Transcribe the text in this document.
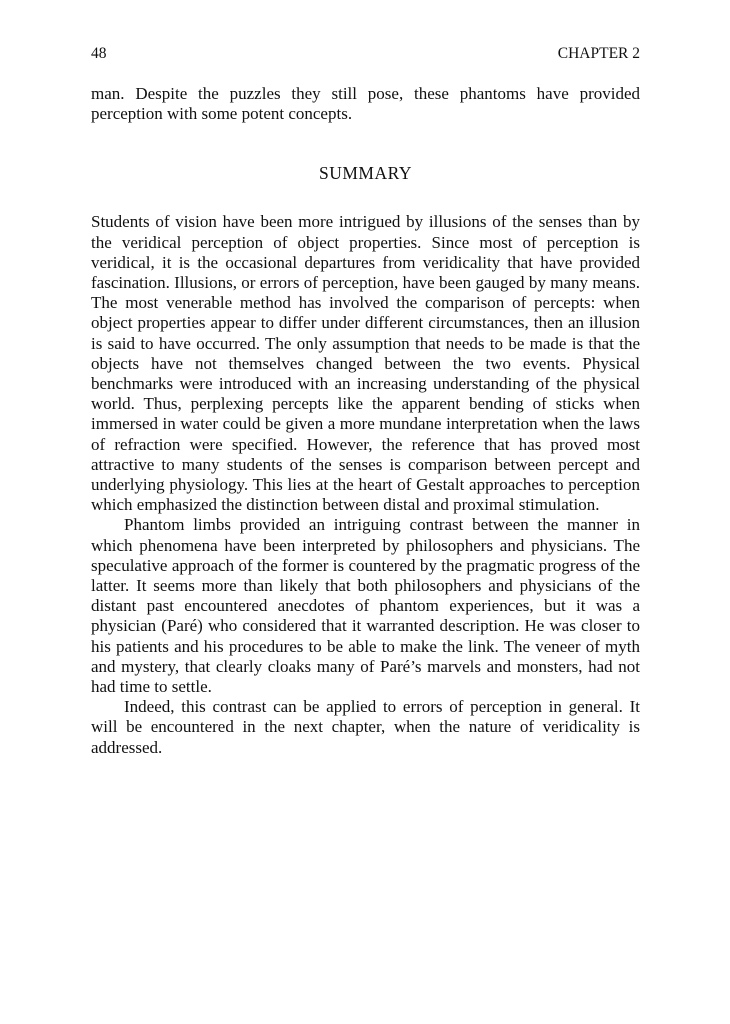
48	CHAPTER 2

man. Despite the puzzles they still pose, these phantoms have provided perception with some potent concepts.

SUMMARY

Students of vision have been more intrigued by illusions of the senses than by the veridical perception of object properties. Since most of perception is veridical, it is the occasional departures from veridicality that have provided fascination. Illusions, or errors of perception, have been gauged by many means. The most venerable method has involved the comparison of percepts: when object properties appear to differ under different circumstances, then an illusion is said to have occurred. The only assumption that needs to be made is that the objects have not themselves changed between the two events. Physical benchmarks were introduced with an increasing understanding of the physical world. Thus, perplexing percepts like the apparent bending of sticks when immersed in water could be given a more mundane interpretation when the laws of refraction were specified. However, the reference that has proved most attractive to many students of the senses is comparison between percept and underlying physiology. This lies at the heart of Gestalt approaches to perception which emphasized the distinction between distal and proximal stimulation.

Phantom limbs provided an intriguing contrast between the manner in which phenomena have been interpreted by philosophers and physicians. The speculative approach of the former is countered by the pragmatic progress of the latter. It seems more than likely that both philosophers and physicians of the distant past encountered anecdotes of phantom experiences, but it was a physician (Paré) who considered that it warranted description. He was closer to his patients and his procedures to be able to make the link. The veneer of myth and mystery, that clearly cloaks many of Paré’s marvels and monsters, had not had time to settle.

Indeed, this contrast can be applied to errors of perception in general. It will be encountered in the next chapter, when the nature of veridicality is addressed.
